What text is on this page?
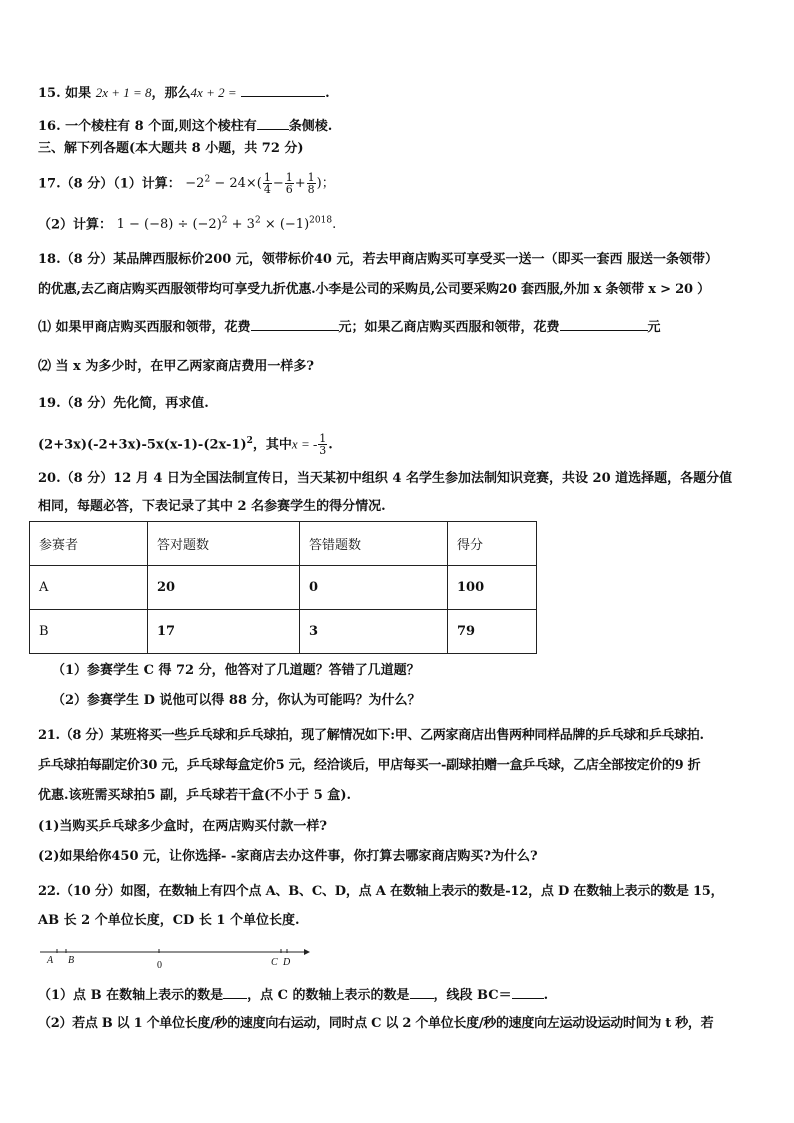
15. 如果 2x + 1 = 8，那么4x + 2 =	.
16. 一个棱柱有 8 个面,则这个棱柱有 条侧棱.
三、解下列各题(本大题共 8 小题，共 72 分)
17.（8 分）（1）计算： $-2^2 - 24\times( \frac{1}{4} - \frac{1}{6} + \frac{1}{8}$ )；
（2）计算： $1 - (-8) \div (-2)^2 + 3^2 \times (-1)^{2018}$.
18.（8 分）某品牌西服标价200 元，领带标价40 元，若去甲商店购买可享受买一送一（即买一套西 服送一条领带）
的优惠,去乙商店购买西服领带均可享受九折优惠.小李是公司的采购员,公司要采购20 套西服,外加 x 条领带 x > 20 ）
⑴ 如果甲商店购买西服和领带，花费	元；如果乙商店购买西服和领带，花费	元
⑵ 当 x 为多少时，在甲乙两家商店费用一样多?
19.（8 分）先化简，再求值.
$(2+3x)(-2+3x)-5x(x-1)-(2x-1)^2$，其中x = - $\frac{1}{3}$ .
20.（8 分）12 月 4 日为全国法制宣传日，当天某初中组织 4 名学生参加法制知识竞赛，共设 20 道选择题，各题分值
相同，每题必答，下表记录了其中 2 名参赛学生的得分情况.
参赛者	答对题数	答错题数	得分
A	20	0	100
B	17	3	79
（1）参赛学生 C 得 72 分，他答对了几道题？答错了几道题？
（2）参赛学生 D 说他可以得 88 分，你认为可能吗？为什么？
21.（8 分）某班将买一些乒乓球和乒乓球拍，现了解情况如下:甲、乙两家商店出售两种同样品牌的乒乓球和乒乓球拍.
乒乓球拍每副定价30 元，乒乓球每盒定价5 元，经洽谈后，甲店每买一-副球拍赠一盒乒乓球，乙店全部按定价的9 折
优惠.该班需买球拍5 副，乒乓球若干盒(不小于 5 盒).
(1)当购买乒乓球多少盒时，在两店购买付款一样?
(2)如果给你450 元，让你选择- -家商店去办这件事，你打算去哪家商店购买?为什么?
22.（10 分）如图，在数轴上有四个点 A、B、C、D，点 A 在数轴上表示的数是-12，点 D 在数轴上表示的数是 15，
AB 长 2 个单位长度，CD 长 1 个单位长度.
A B	0	C D
（1）点 B 在数轴上表示的数是 ，点 C 的数轴上表示的数是 ，线段 BC＝ .
（2）若点 B 以 1 个单位长度/秒的速度向右运动，同时点 C 以 2 个单位长度/秒的速度向左运动设运动时间为 t 秒，若
